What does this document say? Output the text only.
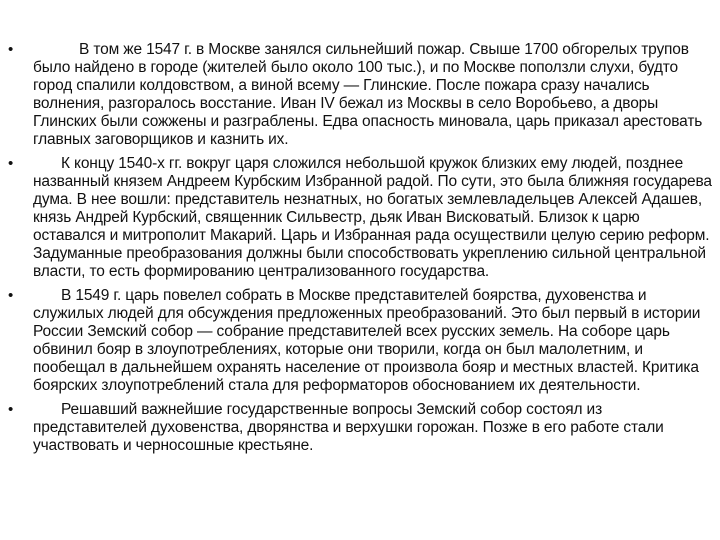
•	В том же 1547 г. в Москве занялся сильнейший пожар. Свыше 1700 обгорелых трупов было найдено в городе (жителей было около 100 тыс.), и по Москве поползли слухи, будто город спалили колдовством, а виной всему — Глинские. После пожара сразу начались волнения, разгоралось восстание. Иван IV бежал из Москвы в село Воробьево, а дворы Глинских были сожжены и разграблены. Едва опасность миновала, царь приказал арестовать главных заговорщиков и казнить их.

•	К концу 1540-х гг. вокруг царя сложился небольшой кружок близких ему людей, позднее названный князем Андреем Курбским Избранной радой. По сути, это была ближняя государева дума. В нее вошли: представитель незнатных, но богатых землевладельцев Алексей Адашев, князь Андрей Курбский, священник Сильвестр, дьяк Иван Висковатый. Близок к царю оставался и митрополит Макарий. Царь и Избранная рада осуществили целую серию реформ. Задуманные преобразования должны были способствовать укреплению сильной центральной власти, то есть формированию централизованного государства.

•	В 1549 г. царь повелел собрать в Москве представителей боярства, духовенства и служилых людей для обсуждения предложенных преобразований. Это был первый в истории России Земский собор — собрание представителей всех русских земель. На соборе царь обвинил бояр в злоупотреблениях, которые они творили, когда он был малолетним, и пообещал в дальнейшем охранять население от произвола бояр и местных властей. Критика боярских злоупотреблений стала для реформаторов обоснованием их деятельности.

•	Решавший важнейшие государственные вопросы Земский собор состоял из представителей духовенства, дворянства и верхушки горожан. Позже в его работе стали участвовать и черносошные крестьяне.
